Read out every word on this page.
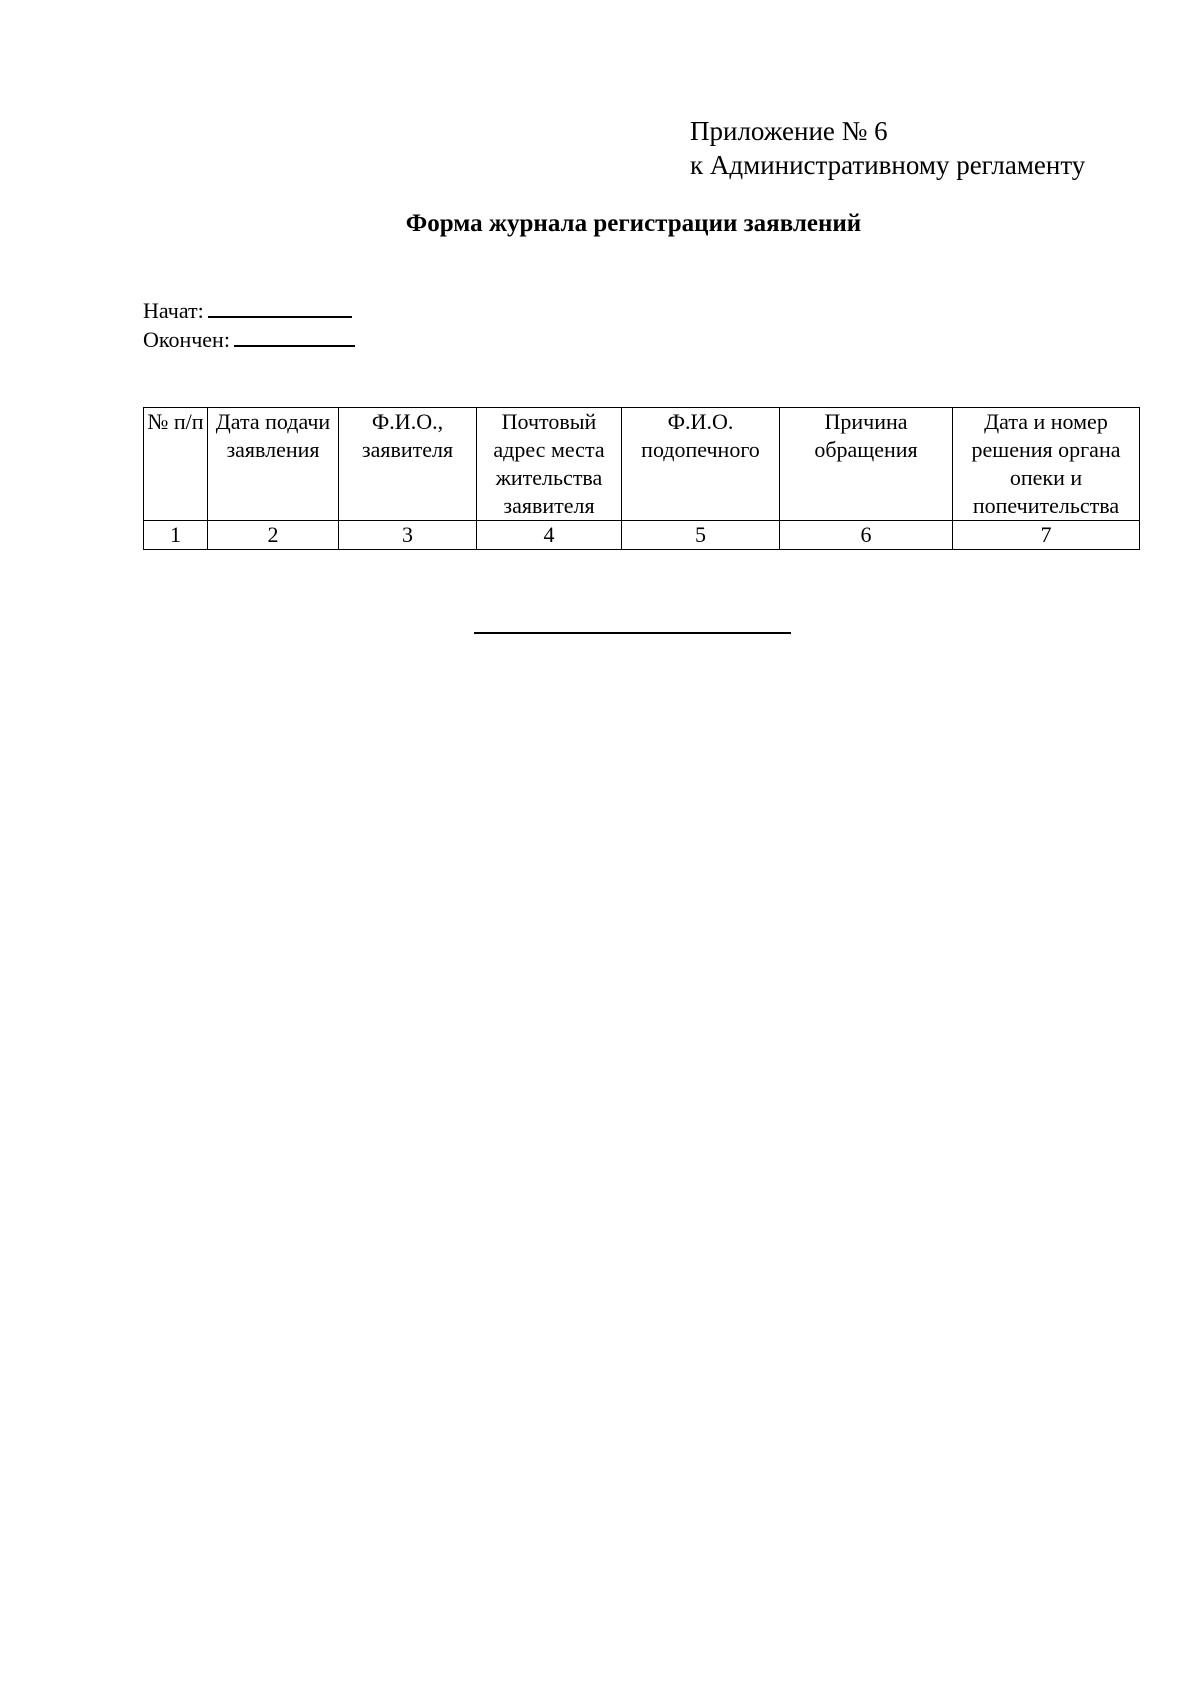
Приложение № 6
к Административному регламенту
Форма журнала регистрации заявлений
Начат:
Окончен:
№ п/п	Дата подачи заявления	Ф.И.О., заявителя	Почтовый адрес места жительства заявителя	Ф.И.О. подопечного	Причина обращения	Дата и номер решения органа опеки и попечительства
1	2	3	4	5	6	7
